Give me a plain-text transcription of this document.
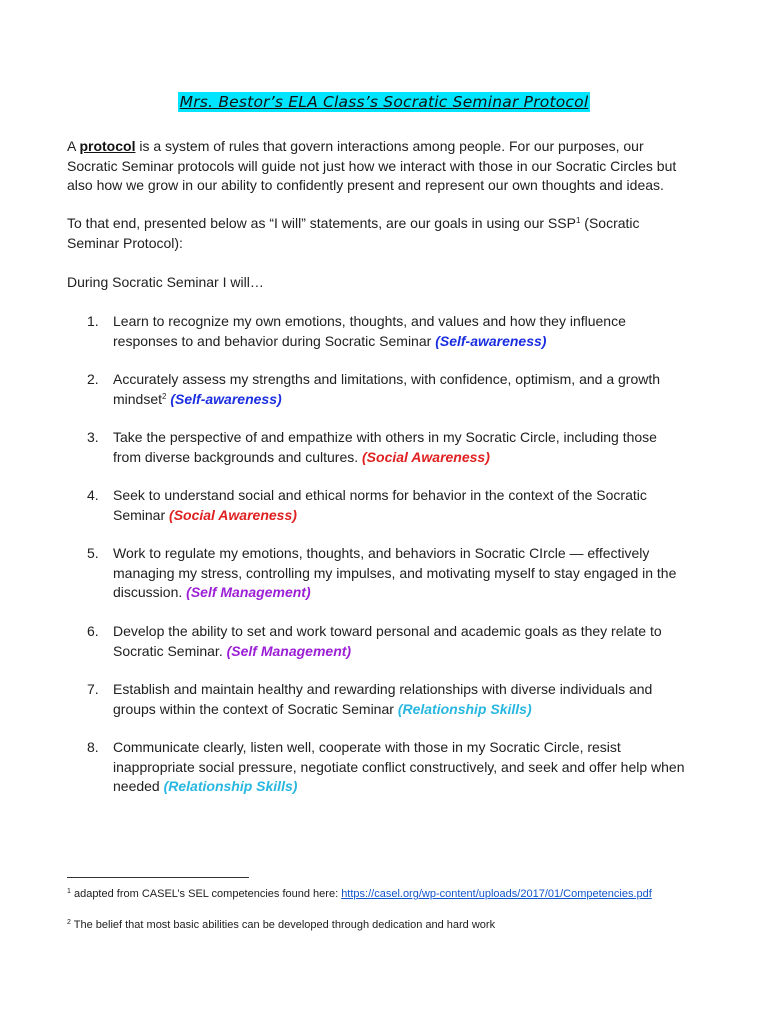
Mrs. Bestor’s ELA Class’s Socratic Seminar Protocol

A protocol is a system of rules that govern interactions among people. For our purposes, our
Socratic Seminar protocols will guide not just how we interact with those in our Socratic Circles but
also how we grow in our ability to confidently present and represent our own thoughts and ideas.

To that end, presented below as “I will” statements, are our goals in using our SSP$^1$ (Socratic
Seminar Protocol):

During Socratic Seminar I will…

1.	Learn to recognize my own emotions, thoughts, and values and how they influence
responses to and behavior during Socratic Seminar (Self-awareness)
2.	Accurately assess my strengths and limitations, with confidence, optimism, and a growth
mindset$^2$ (Self-awareness)
3.	Take the perspective of and empathize with others in my Socratic Circle, including those
from diverse backgrounds and cultures. (Social Awareness)
4.	Seek to understand social and ethical norms for behavior in the context of the Socratic
Seminar (Social Awareness)
5.	Work to regulate my emotions, thoughts, and behaviors in Socratic CIrcle — effectively
managing my stress, controlling my impulses, and motivating myself to stay engaged in the
discussion. (Self Management)
6.	Develop the ability to set and work toward personal and academic goals as they relate to
Socratic Seminar. (Self Management)
7.	Establish and maintain healthy and rewarding relationships with diverse individuals and
groups within the context of Socratic Seminar (Relationship Skills)
8.	Communicate clearly, listen well, cooperate with those in my Socratic Circle, resist
inappropriate social pressure, negotiate conflict constructively, and seek and offer help when
needed (Relationship Skills)
$^1$ adapted from CASEL’s SEL competencies found here: https://casel.org/wp-content/uploads/2017/01/Competencies.pdf
$^2$ The belief that most basic abilities can be developed through dedication and hard work
